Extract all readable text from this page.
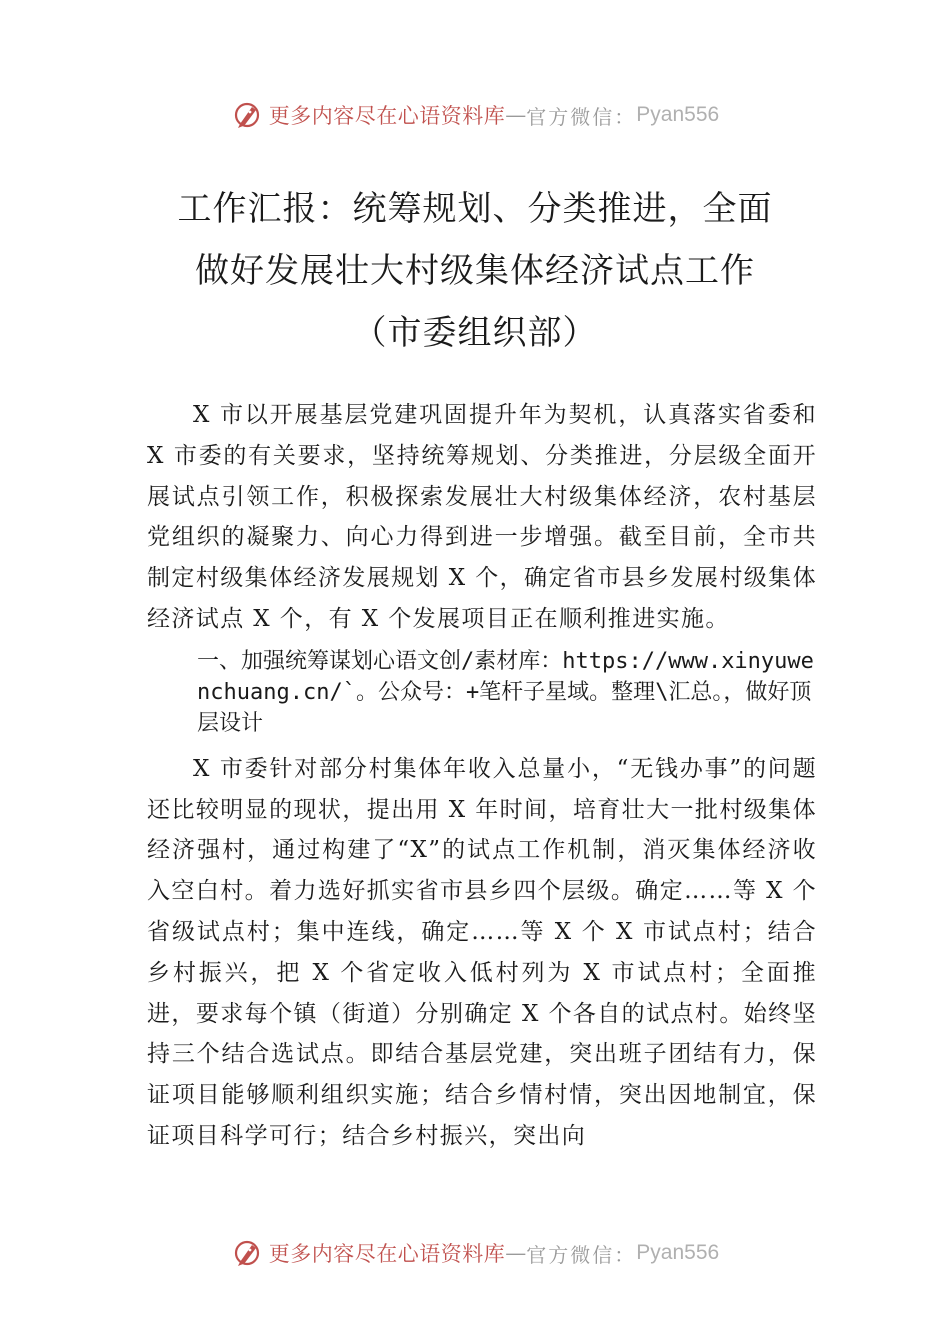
更多内容尽在心语资料库 — 官方微信： Pyan556
工作汇报：统筹规划、分类推进，全面
做好发展壮大村级集体经济试点工作
（市委组织部）

X 市以开展基层党建巩固提升年为契机，认真落实省委和 X 市委的有关要求，坚持统筹规划、分类推进，分层级全面开展试点引领工作，积极探索发展壮大村级集体经济，农村基层党组织的凝聚力、向心力得到进一步增强。截至目前，全市共制定村级集体经济发展规划 X 个，确定省市县乡发展村级集体经济试点 X 个，有 X 个发展项目正在顺利推进实施。

一、加强统筹谋划心语文创/素材库：https://www.xinyuwenchuang.cn/`。公众号：+笔杆子星域。整理\汇总。，做好顶层设计

X 市委针对部分村集体年收入总量小，“无钱办事”的问题还比较明显的现状，提出用 X 年时间，培育壮大一批村级集体经济强村，通过构建了“X”的试点工作机制，消灭集体经济收入空白村。着力选好抓实省市县乡四个层级。确定……等 X 个省级试点村；集中连线，确定……等 X 个 X 市试点村；结合乡村振兴，把 X 个省定收入低村列为 X 市试点村；全面推进，要求每个镇（街道）分别确定 X 个各自的试点村。始终坚持三个结合选试点。即结合基层党建，突出班子团结有力，保证项目能够顺利组织实施；结合乡情村情，突出因地制宜，保证项目科学可行；结合乡村振兴，突出向

更多内容尽在心语资料库 — 官方微信： Pyan556
